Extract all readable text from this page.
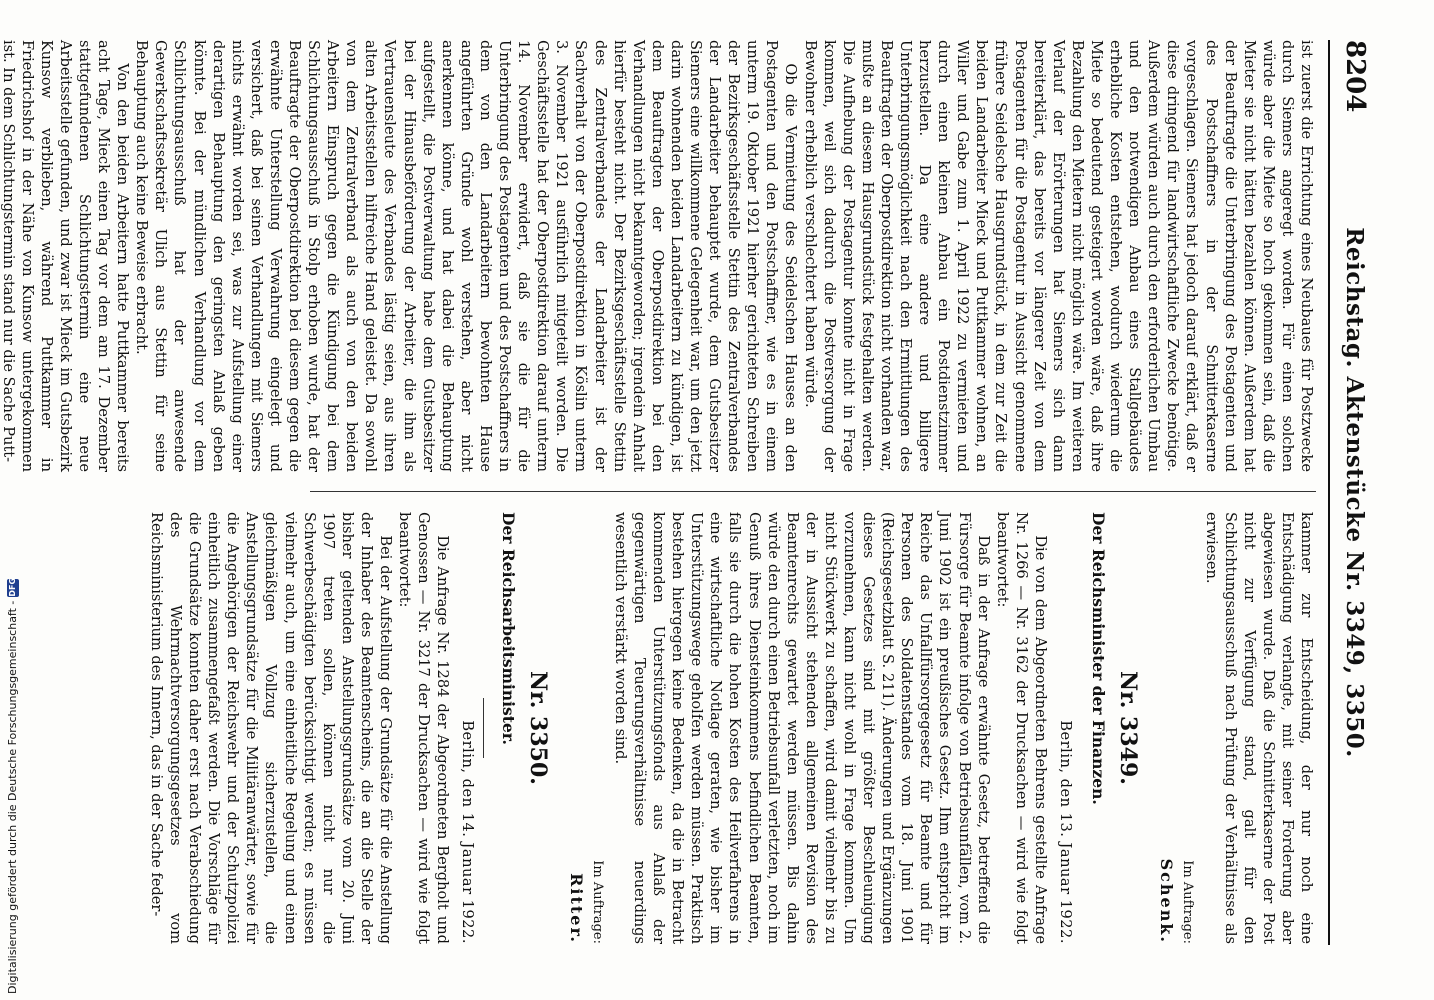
8204
Reichstag. Aktenstücke Nr. 3349, 3350.

ist zuerst die Errichtung eines Neubaues für Postzwecke durch Siemers angeregt worden. Für einen solchen würde aber die Miete so hoch gekommen sein, daß die Mieter sie nicht hätten bezahlen können. Außerdem hat der Beauftragte die Unterbringung des Postagenten und des Postschaffners in der Schnitterkaserne vorgeschlagen. Siemers hat jedoch darauf erklärt, daß er diese dringend für landwirtschaftliche Zwecke benötige. Außerdem würden auch durch den erforderlichen Umbau und den notwendigen Anbau eines Stallgebäudes erhebliche Kosten entstehen, wodurch wiederum die Miete so bedeutend gesteigert worden wäre, daß ihre Bezahlung den Mietern nicht möglich wäre. Im weiteren Verlauf der Erörterungen hat Siemers sich dann bereiterklärt, das bereits vor längerer Zeit von dem Postagenten für die Postagentur in Aussicht genommene frühere Seidelsche Hausgrundstück, in dem zur Zeit die beiden Landarbeiter Mieck und Puttkammer wohnen, an Willer und Gabe zum 1. April 1922 zu vermieten und durch einen kleinen Anbau ein Postdienstzimmer herzustellen. Da eine andere und billigere Unterbringungsmöglichkeit nach den Ermittlungen des Beauftragten der Oberpostdirektion nicht vorhanden war, mußte an diesem Hausgrundstück festgehalten werden. Die Aufhebung der Postagentur konnte nicht in Frage kommen, weil sich dadurch die Postversorgung der Bewohner erheblich verschlechtert haben würde.

Ob die Vermietung des Seidelschen Hauses an den Postagenten und den Postschaffner, wie es in einem unterm 19. Oktober 1921 hierher gerichteten Schreiben der Bezirksgeschäftsstelle Stettin des Zentralverbandes der Landarbeiter behauptet wurde, dem Gutsbesitzer Siemers eine willkommene Gelegenheit war, um den jetzt darin wohnenden beiden Landarbeitern zu kündigen, ist dem Beauftragten der Oberpostdirektion bei den Verhandlungen nicht bekanntgeworden; irgendein Anhalt hierfür besteht nicht. Der Bezirksgeschäftsstelle Stettin des Zentralverbandes der Landarbeiter ist der Sachverhalt von der Oberpostdirektion in Köslin unterm 3. November 1921 ausführlich mitgeteilt worden. Die Geschäftsstelle hat der Oberpostdirektion darauf unterm 14. November erwidert, daß sie die für die Unterbringung des Postagenten und des Postschaffners in dem von den Landarbeitern bewohnten Hause angeführten Gründe wohl verstehen, aber nicht anerkennen könne, und hat dabei die Behauptung aufgestellt, die Postverwaltung habe dem Gutsbesitzer bei der Hinausbeförderung der Arbeiter, die ihm als Vertrauensleute des Verbandes lästig seien, aus ihren alten Arbeitsstellen hilfreiche Hand geleistet. Da sowohl von dem Zentralverband als auch von den beiden Arbeitern Einspruch gegen die Kündigung bei dem Schlichtungsausschuß in Stolp erhoben wurde, hat der Beauftragte der Oberpostdirektion bei diesem gegen die erwähnte Unterstellung Verwahrung eingelegt und versichert, daß bei seinen Verhandlungen mit Siemers nichts erwähnt worden sei, was zur Aufstellung einer derartigen Behauptung den geringsten Anlaß geben könnte. Bei der mündlichen Verhandlung vor dem Schlichtungsausschuß hat der anwesende Gewerkschaftssekretär Ulich aus Stettin für seine Behauptung auch keine Beweise erbracht.

Von den beiden Arbeitern hatte Puttkammer bereits acht Tage, Mieck einen Tag vor dem am 17. Dezember stattgefundenen Schlichtungstermin eine neue Arbeitsstelle gefunden, und zwar ist Mieck im Gutsbezirk Kunsow verblieben, während Puttkammer in Friedrichshof in der Nähe von Kunsow untergekommen ist. In dem Schlichtungstermin stand nur die Sache Putt-

kammer zur Entscheidung, der nur noch eine Entschädigung verlangte, mit seiner Forderung aber abgewiesen wurde. Daß die Schnitterkaserne der Post nicht zur Verfügung stand, galt für den Schlichtungsausschuß nach Prüfung der Verhältnisse als erwiesen.

Im Auftrage:
Schenk.
Nr. 3349.
Der Reichsminister der Finanzen.
Berlin, den 13. Januar 1922.

Die von dem Abgeordneten Behrens gestellte Anfrage Nr. 1266 — Nr. 3162 der Drucksachen — wird wie folgt beantwortet:

Daß in der Anfrage erwähnte Gesetz, betreffend die Fürsorge für Beamte infolge von Betriebsunfällen, vom 2. Juni 1902 ist ein preußisches Gesetz. Ihm entspricht im Reiche das Unfallfürsorgegesetz für Beamte und für Personen des Soldatenstandes vom 18. Juni 1901 (Reichsgesetzblatt S. 211). Änderungen und Ergänzungen dieses Gesetzes sind mit größter Beschleunigung vorzunehmen, kann nicht wohl in Frage kommen. Um nicht Stückwerk zu schaffen, wird damit vielmehr bis zu der in Aussicht stehenden allgemeinen Revision des Beamtenrechts gewartet werden müssen. Bis dahin würde den durch einen Betriebsunfall verletzten, noch im Genuß ihres Diensteinkommens befindlichen Beamten, falls sie durch die hohen Kosten des Heilverfahrens in eine wirtschaftliche Notlage geraten, wie bisher im Unterstützungswege geholfen werden müssen. Praktisch bestehen hiergegen keine Bedenken, da die in Betracht kommenden Unterstützungsfonds aus Anlaß der gegenwärtigen Teuerungsverhältnisse neuerdings wesentlich verstärkt worden sind.

Im Auftrage:
Ritter.
Nr. 3350.
Der Reichsarbeitsminister.
Berlin, den 14. Januar 1922.

Die Anfrage Nr. 1284 der Abgeordneten Bergholt und Genossen — Nr. 3217 der Drucksachen — wird wie folgt beantwortet:

Bei der Aufstellung der Grundsätze für die Anstellung der Inhaber des Beamtenscheins, die an die Stelle der bisher geltenden Anstellungsgrundsätze vom 20. Juni 1907 treten sollen, können nicht nur die Schwerbeschädigten berücksichtigt werden; es müssen vielmehr auch, um eine einheitliche Regelung und einen gleichmäßigen Vollzug sicherzustellen, die Anstellungsgrundsätze für die Militäranwärter, sowie für die Angehörigen der Reichswehr und der Schutzpolizei einheitlich zusammengefaßt werden. Die Vorschläge für die Grundsätze konnten daher erst nach Verabschiedung des Wehrmachtversorgungsgesetzes vom Reichsministerium des Innern, das in der Sache feder-

Digitalisierung gefördert durch die Deutsche Forschungsgemeinschaft -
DFG
